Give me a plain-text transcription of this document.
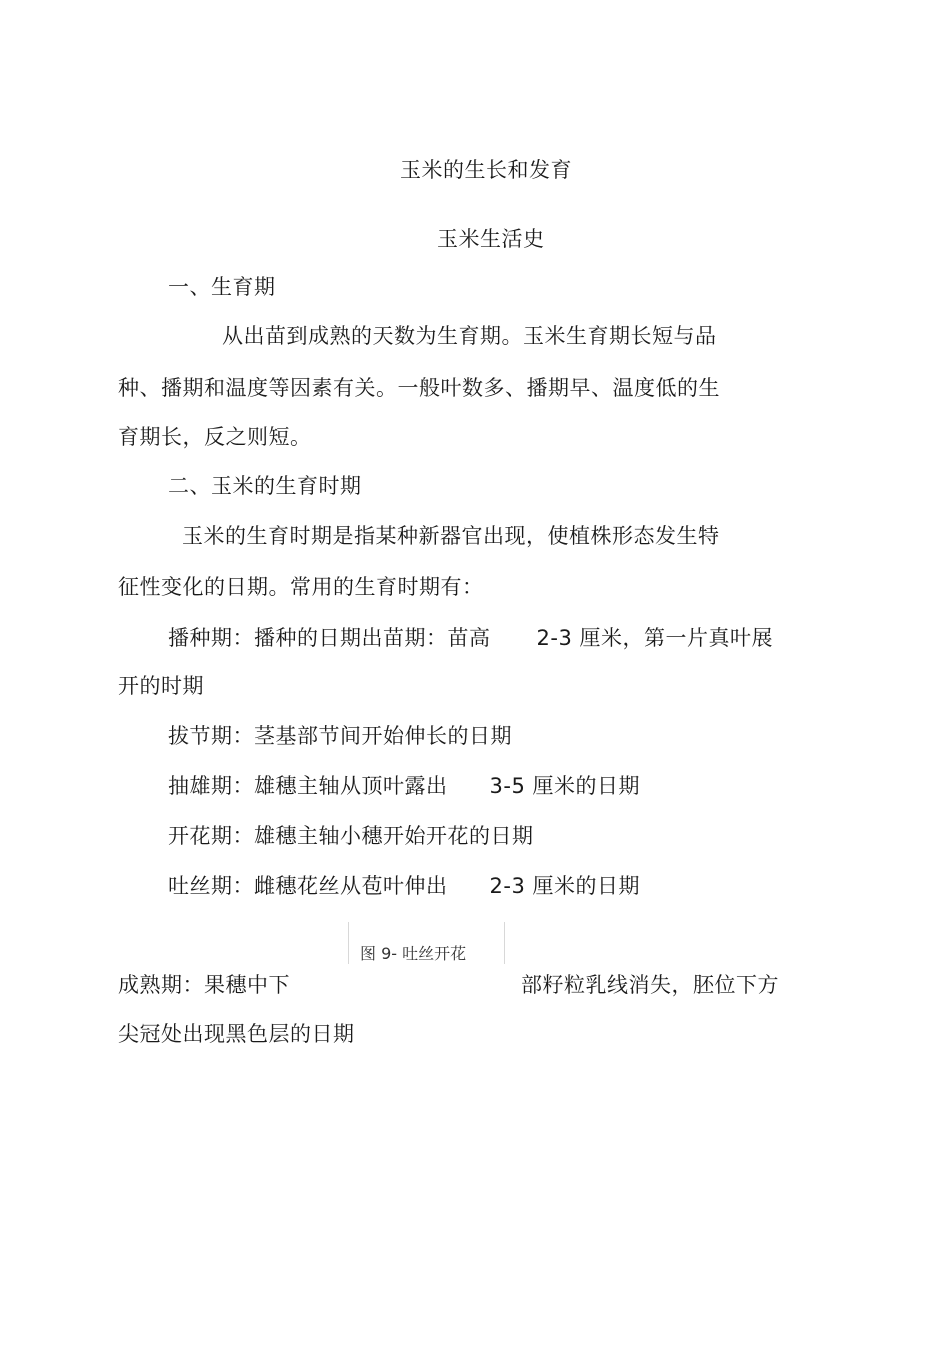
玉米的生长和发育
玉米生活史
一、生育期
从出苗到成熟的天数为生育期。玉米生育期长短与品
种、播期和温度等因素有关。一般叶数多、播期早、温度低的生
育期长，反之则短。
二、玉米的生育时期
玉米的生育时期是指某种新器官出现，使植株形态发生特
征性变化的日期。常用的生育时期有：
播种期：播种的日期出苗期：苗高 2-3 厘米，第一片真叶展
开的时期
拔节期：茎基部节间开始伸长的日期
抽雄期：雄穗主轴从顶叶露出 3-5 厘米的日期
开花期：雄穗主轴小穗开始开花的日期
吐丝期：雌穗花丝从苞叶伸出 2-3 厘米的日期
图 9- 吐丝开花
成熟期：果穗中下	部籽粒乳线消失，胚位下方
尖冠处出现黑色层的日期
